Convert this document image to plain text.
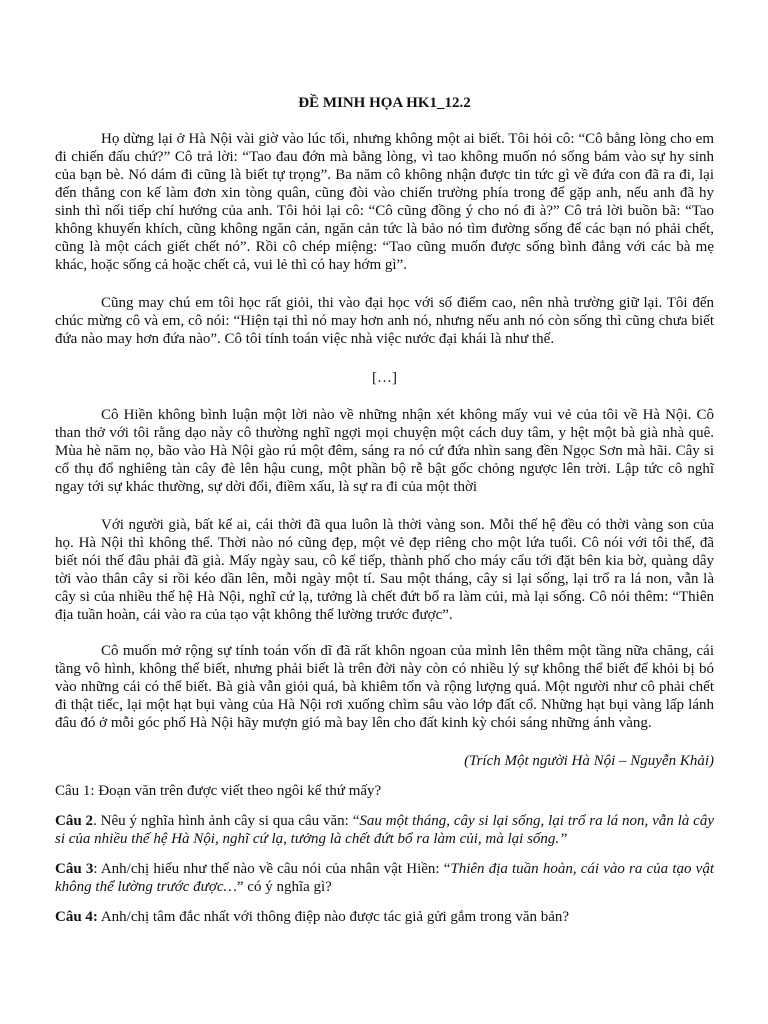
ĐỀ MINH HỌA HK1_12.2

Họ dừng lại ở Hà Nội vài giờ vào lúc tối, nhưng không một ai biết. Tôi hỏi cô: “Cô bằng lòng cho em đi chiến đấu chứ?” Cô trả lời: “Tao đau đớn mà bằng lòng, vì tao không muốn nó sống bám vào sự hy sinh của bạn bè. Nó dám đi cũng là biết tự trọng”. Ba năm cô không nhận được tin tức gì về đứa con đã ra đi, lại đến thẳng con kế làm đơn xin tòng quân, cũng đòi vào chiến trường phía trong để gặp anh, nếu anh đã hy sinh thì nối tiếp chí hướng của anh. Tôi hỏi lại cô: “Cô cũng đồng ý cho nó đi à?” Cô trả lời buồn bã: “Tao không khuyến khích, cũng không ngăn cản, ngăn cản tức là bảo nó tìm đường sống để các bạn nó phải chết, cũng là một cách giết chết nó”. Rồi cô chép miệng: “Tao cũng muốn được sống bình đẳng với các bà mẹ khác, hoặc sống cả hoặc chết cả, vui lẻ thì có hay hớm gì”.

Cũng may chú em tôi học rất giỏi, thi vào đại học với số điểm cao, nên nhà trường giữ lại. Tôi đến chúc mừng cô và em, cô nói: “Hiện tại thì nó may hơn anh nó, nhưng nếu anh nó còn sống thì cũng chưa biết đứa nào may hơn đứa nào”. Cô tôi tính toán việc nhà việc nước đại khái là như thế.

[…]

Cô Hiền không bình luận một lời nào về những nhận xét không mấy vui vẻ của tôi về Hà Nội. Cô than thở với tôi rằng dạo này cô thường nghĩ ngợi mọi chuyện một cách duy tâm, y hệt một bà già nhà quê. Mùa hè năm nọ, bão vào Hà Nội gào rú một đêm, sáng ra nó cứ đứa nhìn sang đền Ngọc Sơn mà hãi. Cây si cổ thụ đổ nghiêng tàn cây đè lên hậu cung, một phần bộ rễ bật gốc chỏng ngược lên trời. Lập tức cô nghĩ ngay tới sự khác thường, sự dời đổi, điềm xấu, là sự ra đi của một thời

Với người già, bất kể ai, cái thời đã qua luôn là thời vàng son. Mỗi thế hệ đều có thời vàng son của họ. Hà Nội thì không thể. Thời nào nó cũng đẹp, một vẻ đẹp riêng cho một lứa tuổi. Cô nói với tôi thế, đã biết nói thế đâu phải đã già. Mấy ngày sau, cô kế tiếp, thành phố cho máy cẩu tới đặt bên kia bờ, quàng dây tời vào thân cây si rồi kéo dần lên, mỗi ngày một tí. Sau một tháng, cây si lại sống, lại trổ ra lá non, vẫn là cây si của nhiều thế hệ Hà Nội, nghĩ cứ lạ, tưởng là chết đứt bổ ra làm củi, mà lại sống. Cô nói thêm: “Thiên địa tuần hoàn, cái vào ra của tạo vật không thể lường trước được”.

Cô muốn mở rộng sự tính toán vốn dĩ đã rất khôn ngoan của mình lên thêm một tầng nữa chăng, cái tầng vô hình, không thể biết, nhưng phải biết là trên đời này còn có nhiều lý sự không thể biết để khỏi bị bó vào những cái có thể biết. Bà già vẫn giỏi quá, bà khiêm tốn và rộng lượng quá. Một người như cô phải chết đi thật tiếc, lại một hạt bụi vàng của Hà Nội rơi xuống chìm sâu vào lớp đất cổ. Những hạt bụi vàng lấp lánh đâu đó ở mỗi góc phố Hà Nội hãy mượn gió mà bay lên cho đất kinh kỳ chói sáng những ánh vàng.

(Trích Một người Hà Nội – Nguyễn Khải)

Câu 1: Đoạn văn trên được viết theo ngôi kể thứ mấy?

Câu 2. Nêu ý nghĩa hình ảnh cây si qua câu văn: “Sau một tháng, cây si lại sống, lại trổ ra lá non, vẫn là cây si của nhiều thế hệ Hà Nội, nghĩ cứ lạ, tưởng là chết đứt bổ ra làm củi, mà lại sống.”

Câu 3: Anh/chị hiểu như thế nào về câu nói của nhân vật Hiền: “Thiên địa tuần hoàn, cái vào ra của tạo vật không thể lường trước được…” có ý nghĩa gì?

Câu 4: Anh/chị tâm đắc nhất với thông điệp nào được tác giả gửi gắm trong văn bản?
